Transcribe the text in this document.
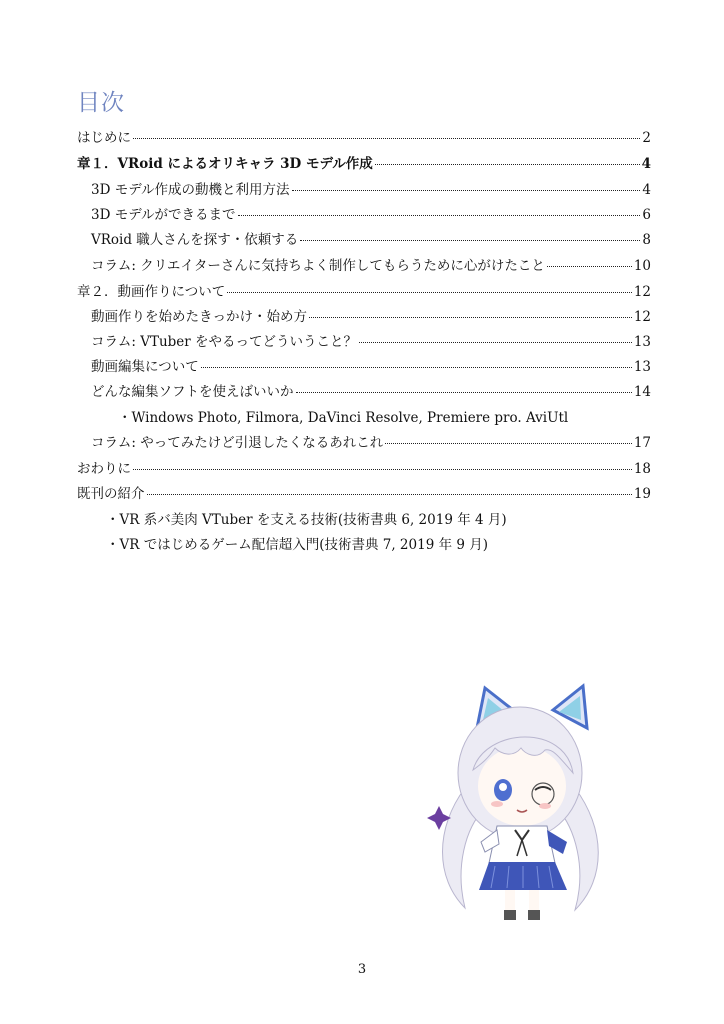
目次
はじめに	2
章１．VRoid によるオリキャラ 3D モデル作成	4
3D モデル作成の動機と利用方法	4
3D モデルができるまで	6
VRoid 職人さんを探す・依頼する	8
コラム: クリエイターさんに気持ちよく制作してもらうために心がけたこと	10
章２．動画作りについて	12
動画作りを始めたきっかけ・始め方	12
コラム: VTuber をやるってどういうこと？	13
動画編集について	13
どんな編集ソフトを使えばいいか	14
・Windows Photo, Filmora, DaVinci Resolve, Premiere pro. AviUtl
コラム: やってみたけど引退したくなるあれこれ	17
おわりに	18
既刊の紹介	19
・VR 系バ美肉 VTuber を支える技術(技術書典 6, 2019 年 4 月)
・VR ではじめるゲーム配信超入門(技術書典 7, 2019 年 9 月)
3
